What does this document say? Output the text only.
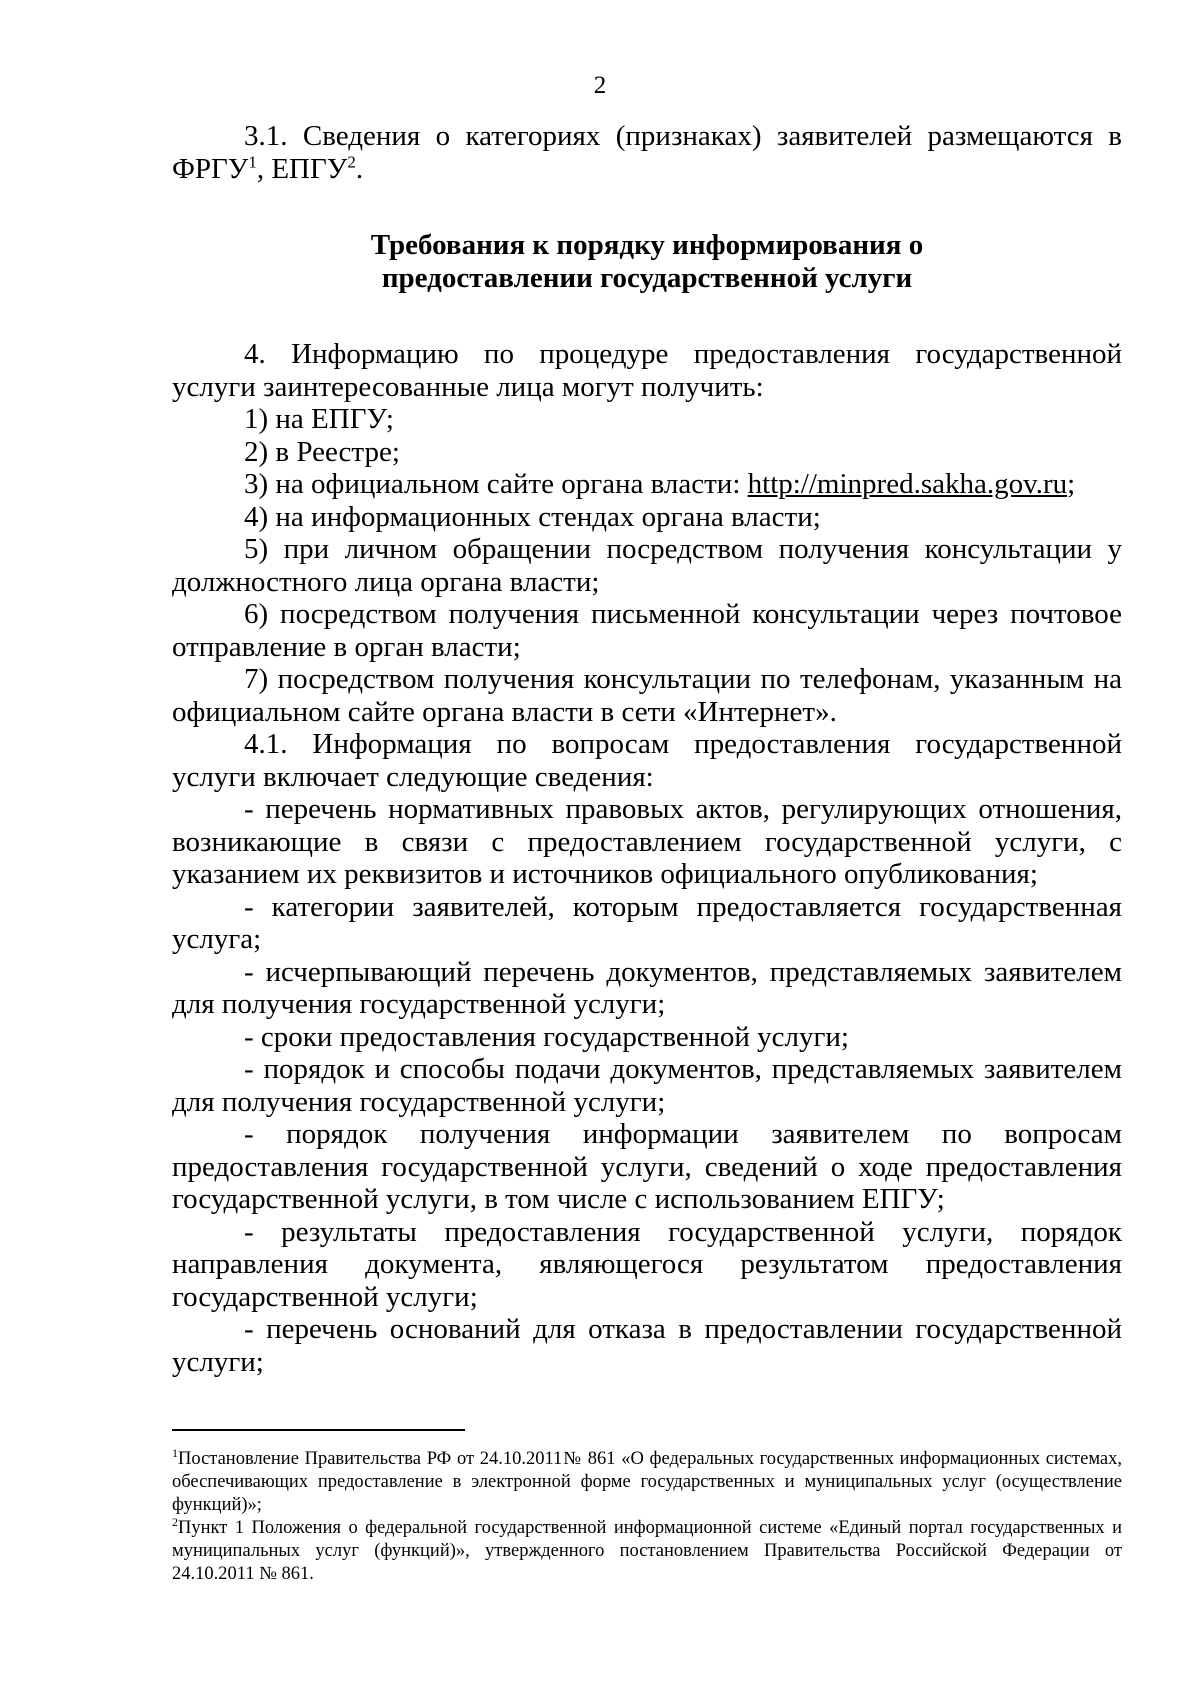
2

3.1. Сведения о категориях (признаках) заявителей размещаются в ФРГУ$^1$, ЕПГУ$^2$.

Требования к порядку информирования о предоставлении государственной услуги

4. Информацию по процедуре предоставления государственной услуги заинтересованные лица могут получить:

1) на ЕПГУ;

2) в Реестре;

3) на официальном сайте органа власти: http://minpred.sakha.gov.ru;

4) на информационных стендах органа власти;

5) при личном обращении посредством получения консультации у должностного лица органа власти;

6) посредством получения письменной консультации через почтовое отправление в орган власти;

7) посредством получения консультации по телефонам, указанным на официальном сайте органа власти в сети «Интернет».

4.1. Информация по вопросам предоставления государственной услуги включает следующие сведения:

- перечень нормативных правовых актов, регулирующих отношения, возникающие в связи с предоставлением государственной услуги, с указанием их реквизитов и источников официального опубликования;

- категории заявителей, которым предоставляется государственная услуга;

- исчерпывающий перечень документов, представляемых заявителем для получения государственной услуги;

- сроки предоставления государственной услуги;

- порядок и способы подачи документов, представляемых заявителем для получения государственной услуги;

- порядок получения информации заявителем по вопросам предоставления государственной услуги, сведений о ходе предоставления государственной услуги, в том числе с использованием ЕПГУ;

- результаты предоставления государственной услуги, порядок направления документа, являющегося результатом предоставления государственной услуги;

- перечень оснований для отказа в предоставлении государственной услуги;

$^1$Постановление Правительства РФ от 24.10.2011№ 861 «О федеральных государственных информационных системах, обеспечивающих предоставление в электронной форме государственных и муниципальных услуг (осуществление функций)»;

$^2$Пункт 1 Положения о федеральной государственной информационной системе «Единый портал государственных и муниципальных услуг (функций)», утвержденного постановлением Правительства Российской Федерации от 24.10.2011 № 861.
